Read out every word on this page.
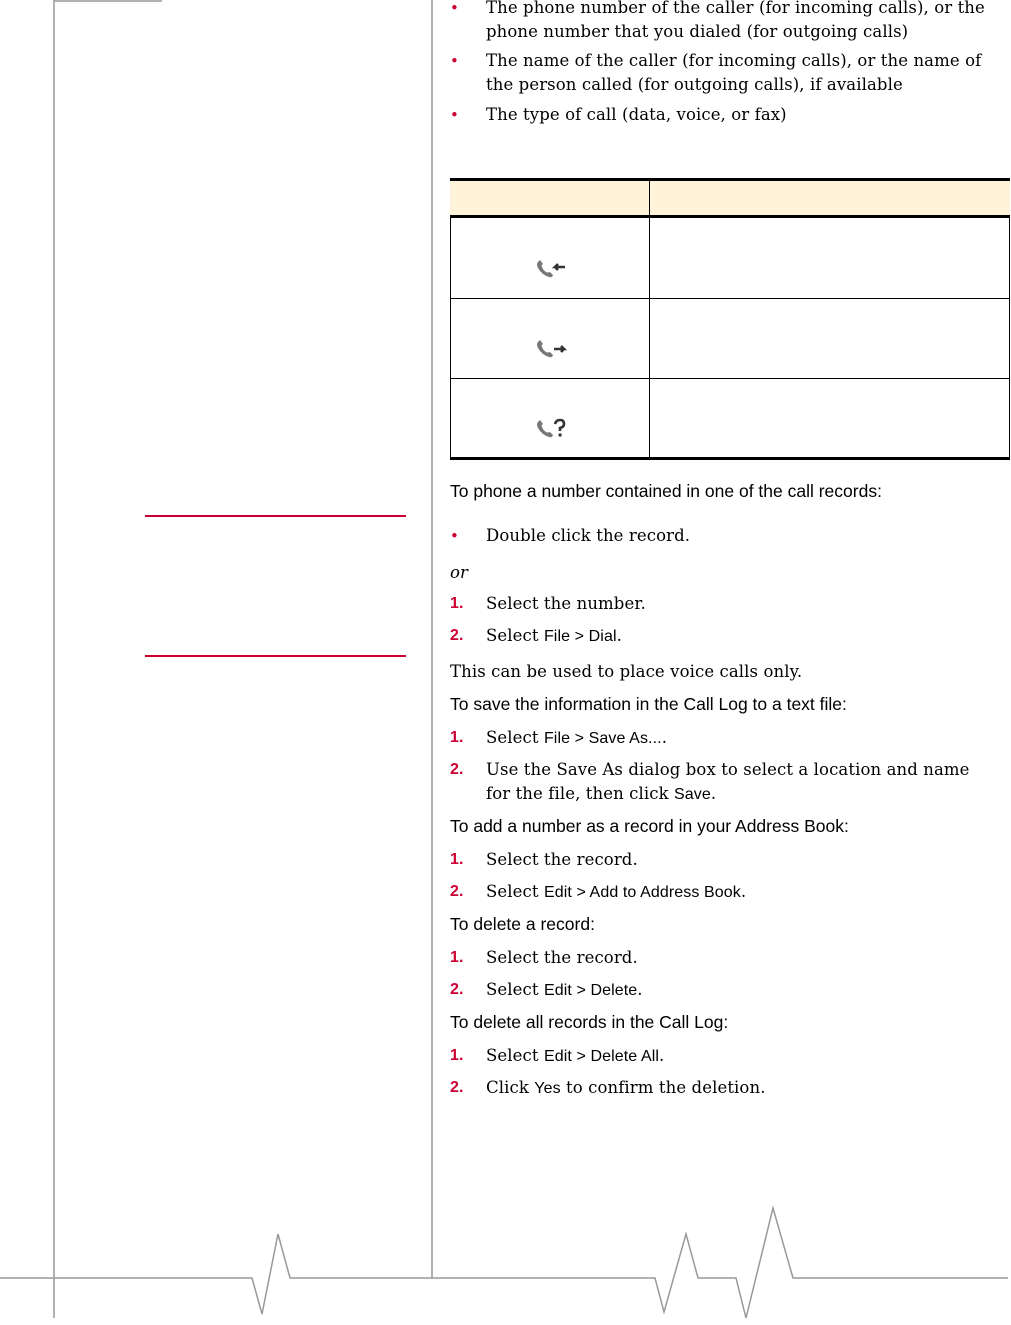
•	The phone number of the caller (for incoming calls), or the phone number that you dialed (for outgoing calls)
•	The name of the caller (for incoming calls), or the name of the person called (for outgoing calls), if available
•	The type of call (data, voice, or fax)
To phone a number contained in one of the call records:
•	Double click the record.
or
1. Select the number.
2. Select File > Dial.
This can be used to place voice calls only.
To save the information in the Call Log to a text file:
1. Select File > Save As....
2. Use the Save As dialog box to select a location and name
for the file, then click Save.
To add a number as a record in your Address Book:
1. Select the record.
2. Select Edit > Add to Address Book.
To delete a record:
1. Select the record.
2. Select Edit > Delete.
To delete all records in the Call Log:
1. Select Edit > Delete All.
2. Click Yes to confirm the deletion.
